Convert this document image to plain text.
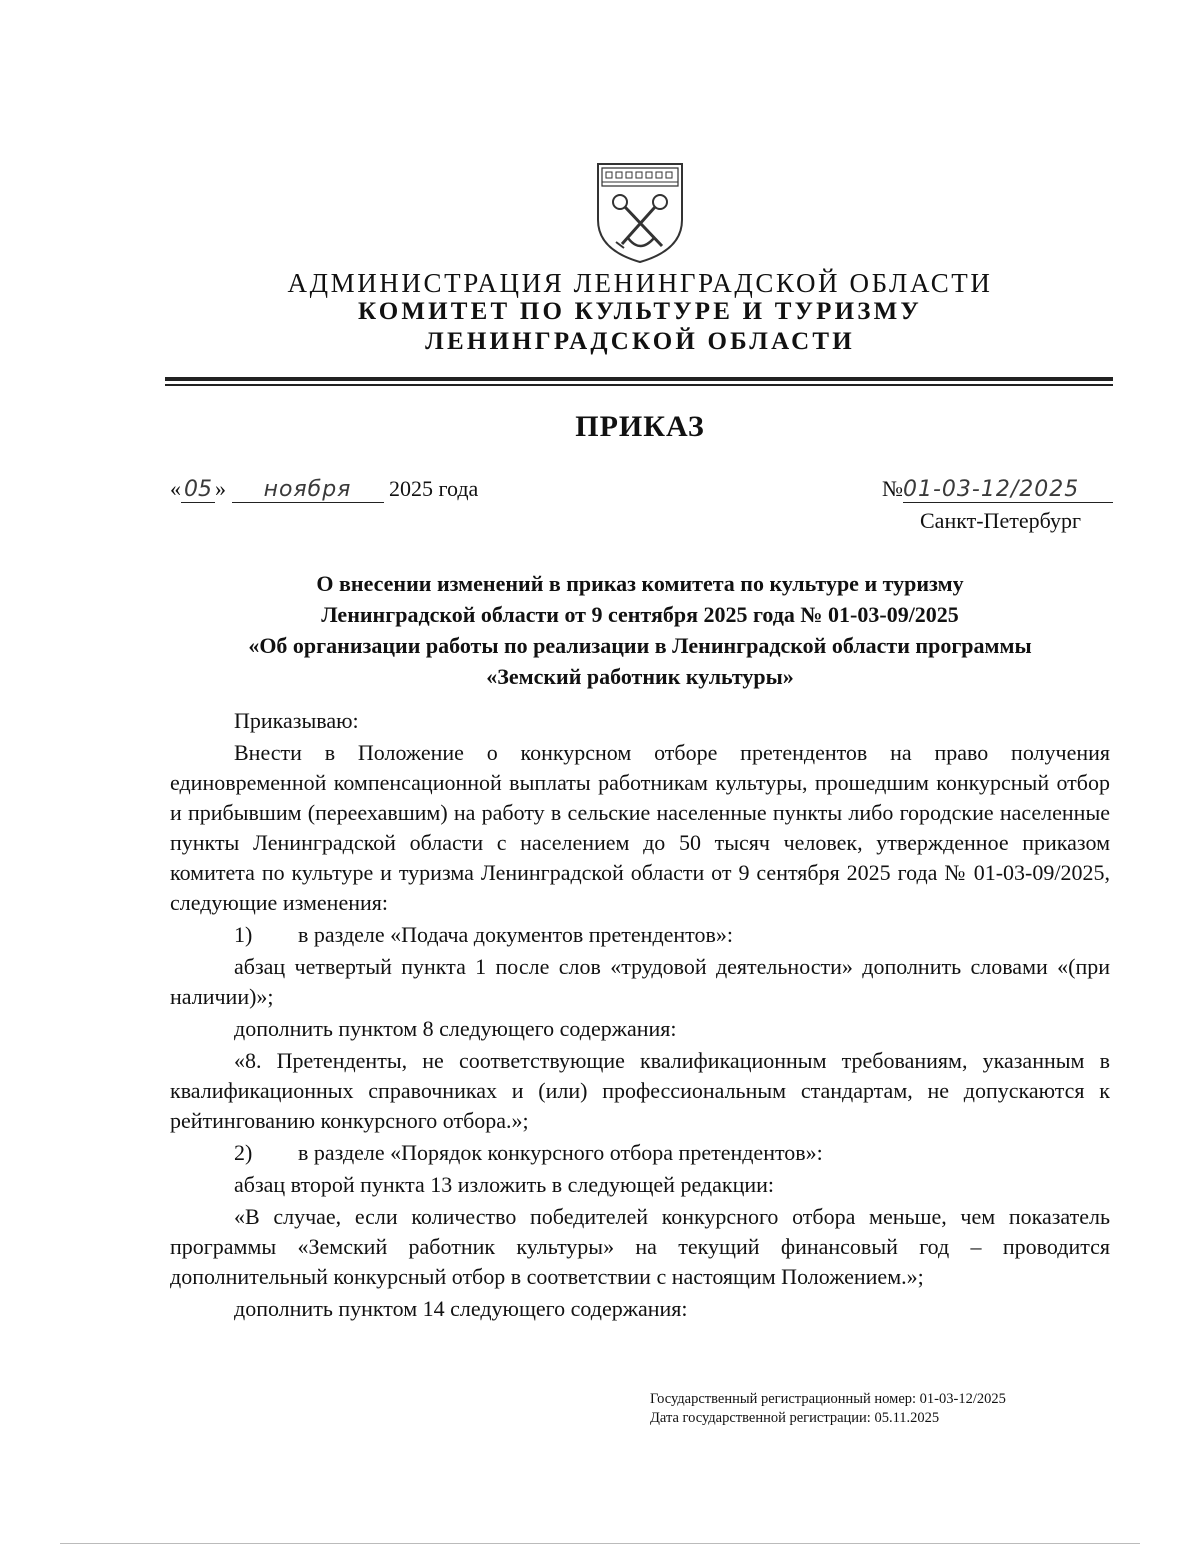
АДМИНИСТРАЦИЯ ЛЕНИНГРАДСКОЙ ОБЛАСТИ
КОМИТЕТ ПО КУЛЬТУРЕ И ТУРИЗМУ
ЛЕНИНГРАДСКОЙ ОБЛАСТИ
ПРИКАЗ
« 05 » ноября 2025 года	№01-03-12/2025
Санкт-Петербург
О внесении изменений в приказ комитета по культуре и туризму
Ленинградской области от 9 сентября 2025 года № 01-03-09/2025
«Об организации работы по реализации в Ленинградской области программы
«Земский работник культуры»

Приказываю:

Внести в Положение о конкурсном отборе претендентов на право получения единовременной компенсационной выплаты работникам культуры, прошедшим конкурсный отбор и прибывшим (переехавшим) на работу в сельские населенные пункты либо городские населенные пункты Ленинградской области с населением до 50 тысяч человек, утвержденное приказом комитета по культуре и туризма Ленинградской области от 9 сентября 2025 года № 01-03-09/2025, следующие изменения:

1) в разделе «Подача документов претендентов»:

абзац четвертый пункта 1 после слов «трудовой деятельности» дополнить словами «(при наличии)»;

дополнить пунктом 8 следующего содержания:

«8. Претенденты, не соответствующие квалификационным требованиям, указанным в квалификационных справочниках и (или) профессиональным стандартам, не допускаются к рейтингованию конкурсного отбора.»;

2) в разделе «Порядок конкурсного отбора претендентов»:

абзац второй пункта 13 изложить в следующей редакции:

«В случае, если количество победителей конкурсного отбора меньше, чем показатель программы «Земский работник культуры» на текущий финансовый год – проводится дополнительный конкурсный отбор в соответствии с настоящим Положением.»;

дополнить пунктом 14 следующего содержания:

Государственный регистрационный номер: 01-03-12/2025
Дата государственной регистрации: 05.11.2025
